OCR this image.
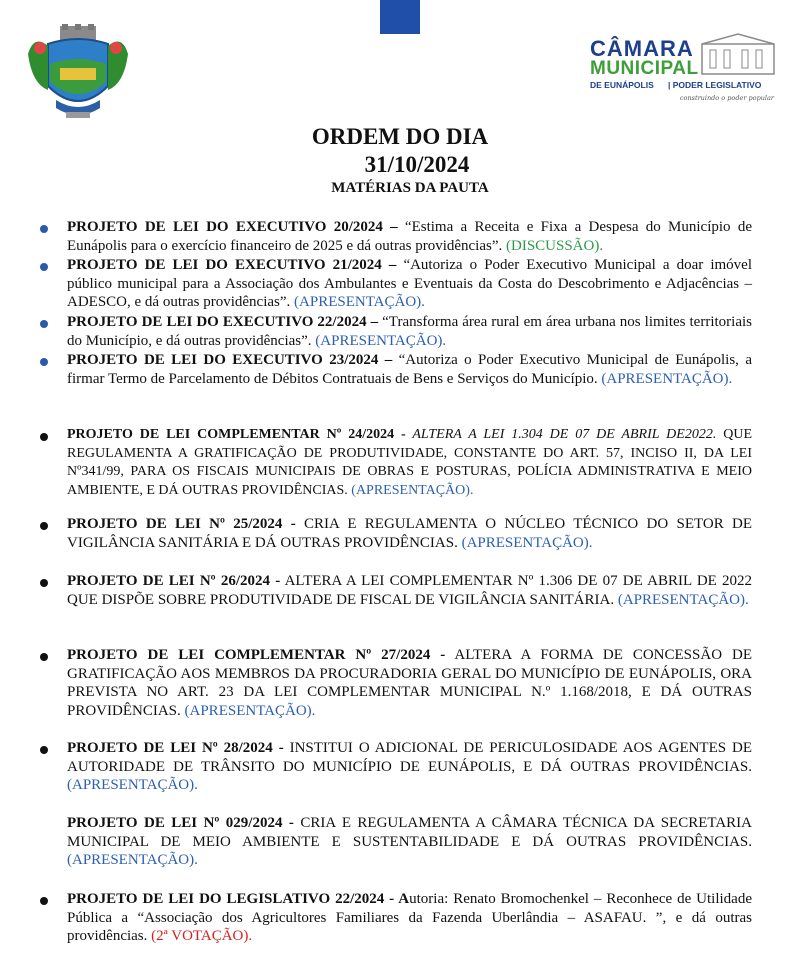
CÂMARA
MUNICIPAL
DE EUNÁPOLIS | PODER LEGISLATIVO
construindo o poder popular
ORDEM DO DIA
31/10/2024
MATÉRIAS DA PAUTA
PROJETO DE LEI DO EXECUTIVO 20/2024 – “Estima a Receita e Fixa a Despesa do Município de Eunápolis para o exercício financeiro de 2025 e dá outras providências”. (DISCUSSÃO).
PROJETO DE LEI DO EXECUTIVO 21/2024 – “Autoriza o Poder Executivo Municipal a doar imóvel público municipal para a Associação dos Ambulantes e Eventuais da Costa do Descobrimento e Adjacências – ADESCO, e dá outras providências”. (APRESENTAÇÃO).
PROJETO DE LEI DO EXECUTIVO 22/2024 – “Transforma área rural em área urbana nos limites territoriais do Município, e dá outras providências”. (APRESENTAÇÃO).
PROJETO DE LEI DO EXECUTIVO 23/2024 – “Autoriza o Poder Executivo Municipal de Eunápolis, a firmar Termo de Parcelamento de Débitos Contratuais de Bens e Serviços do Município. (APRESENTAÇÃO).
PROJETO DE LEI COMPLEMENTAR Nº 24/2024 - ALTERA A LEI 1.304 DE 07 DE ABRIL DE2022. QUE REGULAMENTA A GRATIFICAÇÃO DE PRODUTIVIDADE, CONSTANTE DO ART. 57, INCISO II, DA LEI Nº341/99, PARA OS FISCAIS MUNICIPAIS DE OBRAS E POSTURAS, POLÍCIA ADMINISTRATIVA E MEIO AMBIENTE, E DÁ OUTRAS PROVIDÊNCIAS. (APRESENTAÇÃO).
PROJETO DE LEI Nº 25/2024 - CRIA E REGULAMENTA O NÚCLEO TÉCNICO DO SETOR DE VIGILÂNCIA SANITÁRIA E DÁ OUTRAS PROVIDÊNCIAS. (APRESENTAÇÃO).
PROJETO DE LEI Nº 26/2024 - ALTERA A LEI COMPLEMENTAR Nº 1.306 DE 07 DE ABRIL DE 2022 QUE DISPÕE SOBRE PRODUTIVIDADE DE FISCAL DE VIGILÂNCIA SANITÁRIA. (APRESENTAÇÃO).
PROJETO DE LEI COMPLEMENTAR Nº 27/2024 - ALTERA A FORMA DE CONCESSÃO DE GRATIFICAÇÃO AOS MEMBROS DA PROCURADORIA GERAL DO MUNICÍPIO DE EUNÁPOLIS, ORA PREVISTA NO ART. 23 DA LEI COMPLEMENTAR MUNICIPAL N.º 1.168/2018, E DÁ OUTRAS PROVIDÊNCIAS. (APRESENTAÇÃO).
PROJETO DE LEI Nº 28/2024 - INSTITUI O ADICIONAL DE PERICULOSIDADE AOS AGENTES DE AUTORIDADE DE TRÂNSITO DO MUNICÍPIO DE EUNÁPOLIS, E DÁ OUTRAS PROVIDÊNCIAS. (APRESENTAÇÃO).
PROJETO DE LEI Nº 029/2024 - CRIA E REGULAMENTA A CÂMARA TÉCNICA DA SECRETARIA MUNICIPAL DE MEIO AMBIENTE E SUSTENTABILIDADE E DÁ OUTRAS PROVIDÊNCIAS. (APRESENTAÇÃO).
PROJETO DE LEI DO LEGISLATIVO 22/2024 - Autoria: Renato Bromochenkel – Reconhece de Utilidade Pública a “Associação dos Agricultores Familiares da Fazenda Uberlândia – ASAFAU. ”, e dá outras providências. (2ª VOTAÇÃO).
